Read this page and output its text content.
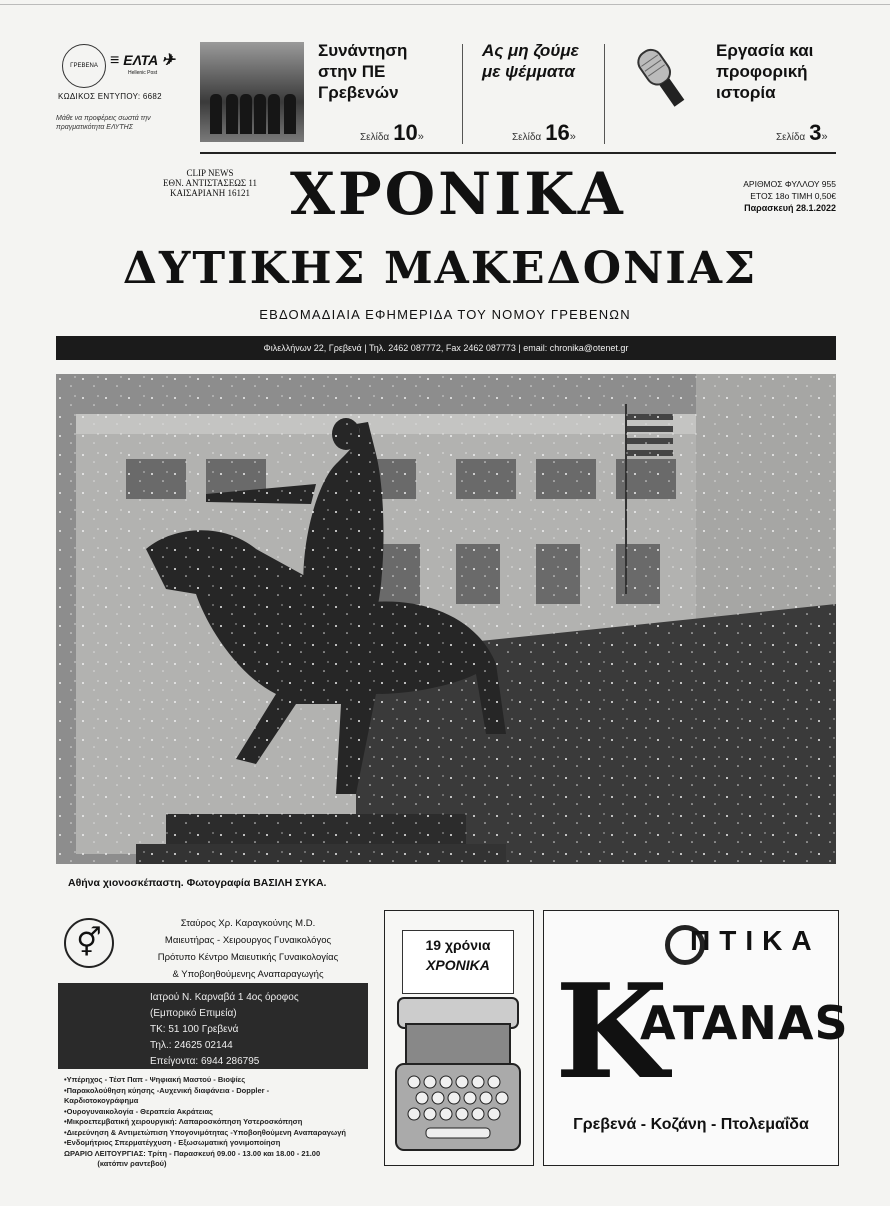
ΓΡΕΒΕΝΑ ≡ ΕΛΤΑ ✈
Hellenic Post
ΚΩΔΙΚΟΣ ΕΝΤΥΠΟΥ: 6682
Μάθε να προφέρεις σωστά την πραγματικότητα ΕΛΥΤΗΣ
Συνάντηση στην ΠΕ Γρεβενών
Σελίδα 10»
Ας μη ζούμε με ψέμματα
Σελίδα 16»
Εργασία και προφορική ιστορία
Σελίδα 3»
CLIP NEWS
ΕΘΝ. ΑΝΤΙΣΤΑΣΕΩΣ 11
ΚΑΙΣΑΡΙΑΝΗ 16121 ΧΡΟΝΙΚΑ
ΔΥΤΙΚΗΣ ΜΑΚΕΔΟΝΙΑΣ
ΑΡΙΘΜΟΣ ΦΥΛΛΟΥ 955
ΕΤΟΣ 18ο ΤΙΜΗ 0,50€
Παρασκευή 28.1.2022
ΕΒΔΟΜΑΔΙΑΙΑ ΕΦΗΜΕΡΙΔΑ ΤΟΥ ΝΟΜΟΥ ΓΡΕΒΕΝΩΝ
Φιλελλήνων 22, Γρεβενά | Τηλ. 2462 087772, Fax 2462 087773 | email: chronika@otenet.gr
Αθήνα χιονοσκέπαστη. Φωτογραφία ΒΑΣΙΛΗ ΣΥΚΑ.
⚥
Σταύρος Χρ. Καραγκούνης M.D.
Μαιευτήρας - Χειρουργος Γυναικολόγος
Πρότυπο Κέντρο Μαιευτικής Γυναικολογίας
& Υποβοηθούμενης Αναπαραγωγής
Ιατρού Ν. Καρναβά 1 4ος όροφος
(Εμπορικό Επιμεία)
ΤΚ: 51 100 Γρεβενά
Τηλ.: 24625 02144
Επείγοντα: 6944 286795
•Υπέρηχος - Τέστ Παπ - Ψηφιακή Μαστού - Βιοψίες
•Παρακολούθηση κύησης -Αυχενική διαφάνεια - Doppler -
Καρδιοτοκογράφημα
•Ουρογυναικολογία - Θεραπεία Ακράτειας
•Μικροεπεμβατική χειρουργική: Λαπαροσκόπηση Υστεροσκόπηση
•Διερεύνηση & Αντιμετώπιση Υπογονιμότητας -Υποβοηθούμενη Αναπαραγωγή
•Ενδομήτριος Σπερματέγχυση - Εξωσωματική γονιμοποίηση
ΩΡΑΡΙΟ ΛΕΙΤΟΥΡΓΙΑΣ: Τρίτη - Παρασκευή 09.00 - 13.00 και 18.00 - 21.00
(κατόπιν ραντεβού)
19 χρόνια
ΧΡΟΝΙΚΑ
ΠΤΙΚΑ
K
ATANAS
Γρεβενά - Κοζάνη - Πτολεμαΐδα
